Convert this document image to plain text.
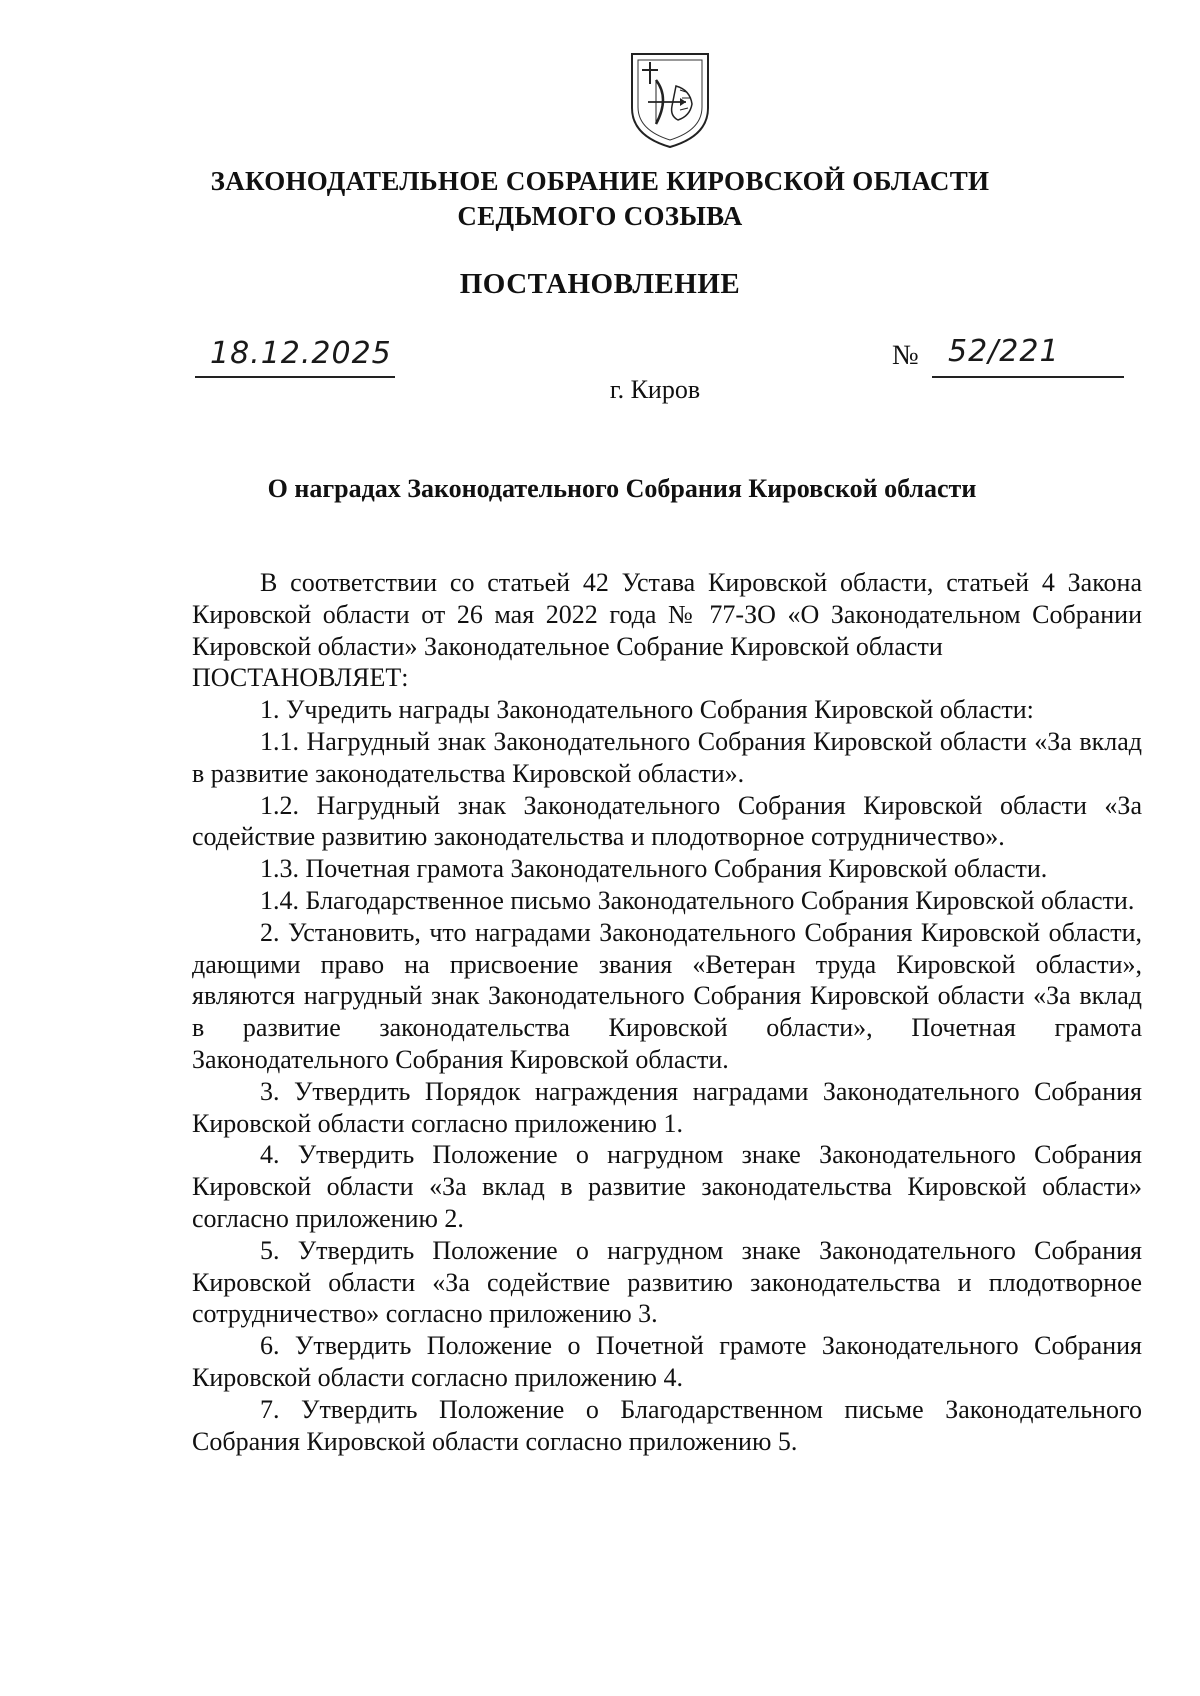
ЗАКОНОДАТЕЛЬНОЕ СОБРАНИЕ КИРОВСКОЙ ОБЛАСТИ
СЕДЬМОГО СОЗЫВА
ПОСТАНОВЛЕНИЕ
18.12.2025	№ 52/221
г. Киров
О наградах Законодательного Собрания Кировской области

В соответствии со статьей 42 Устава Кировской области, статьей 4 Закона Кировской области от 26 мая 2022 года № 77-ЗО «О Законодательном Собрании Кировской области» Законодательное Собрание Кировской области

ПОСТАНОВЛЯЕТ:

1. Учредить награды Законодательного Собрания Кировской области:

1.1. Нагрудный знак Законодательного Собрания Кировской области «За вклад в развитие законодательства Кировской области».

1.2. Нагрудный знак Законодательного Собрания Кировской области «За содействие развитию законодательства и плодотворное сотрудничество».

1.3. Почетная грамота Законодательного Собрания Кировской области.

1.4. Благодарственное письмо Законодательного Собрания Кировской области.

2. Установить, что наградами Законодательного Собрания Кировской области, дающими право на присвоение звания «Ветеран труда Кировской области», являются нагрудный знак Законодательного Собрания Кировской области «За вклад в развитие законодательства Кировской области», Почетная грамота Законодательного Собрания Кировской области.

3. Утвердить Порядок награждения наградами Законодательного Собрания Кировской области согласно приложению 1.

4. Утвердить Положение о нагрудном знаке Законодательного Собрания Кировской области «За вклад в развитие законодательства Кировской области» согласно приложению 2.

5. Утвердить Положение о нагрудном знаке Законодательного Собрания Кировской области «За содействие развитию законодательства и плодотворное сотрудничество» согласно приложению 3.

6. Утвердить Положение о Почетной грамоте Законодательного Собрания Кировской области согласно приложению 4.

7. Утвердить Положение о Благодарственном письме Законодательного Собрания Кировской области согласно приложению 5.
